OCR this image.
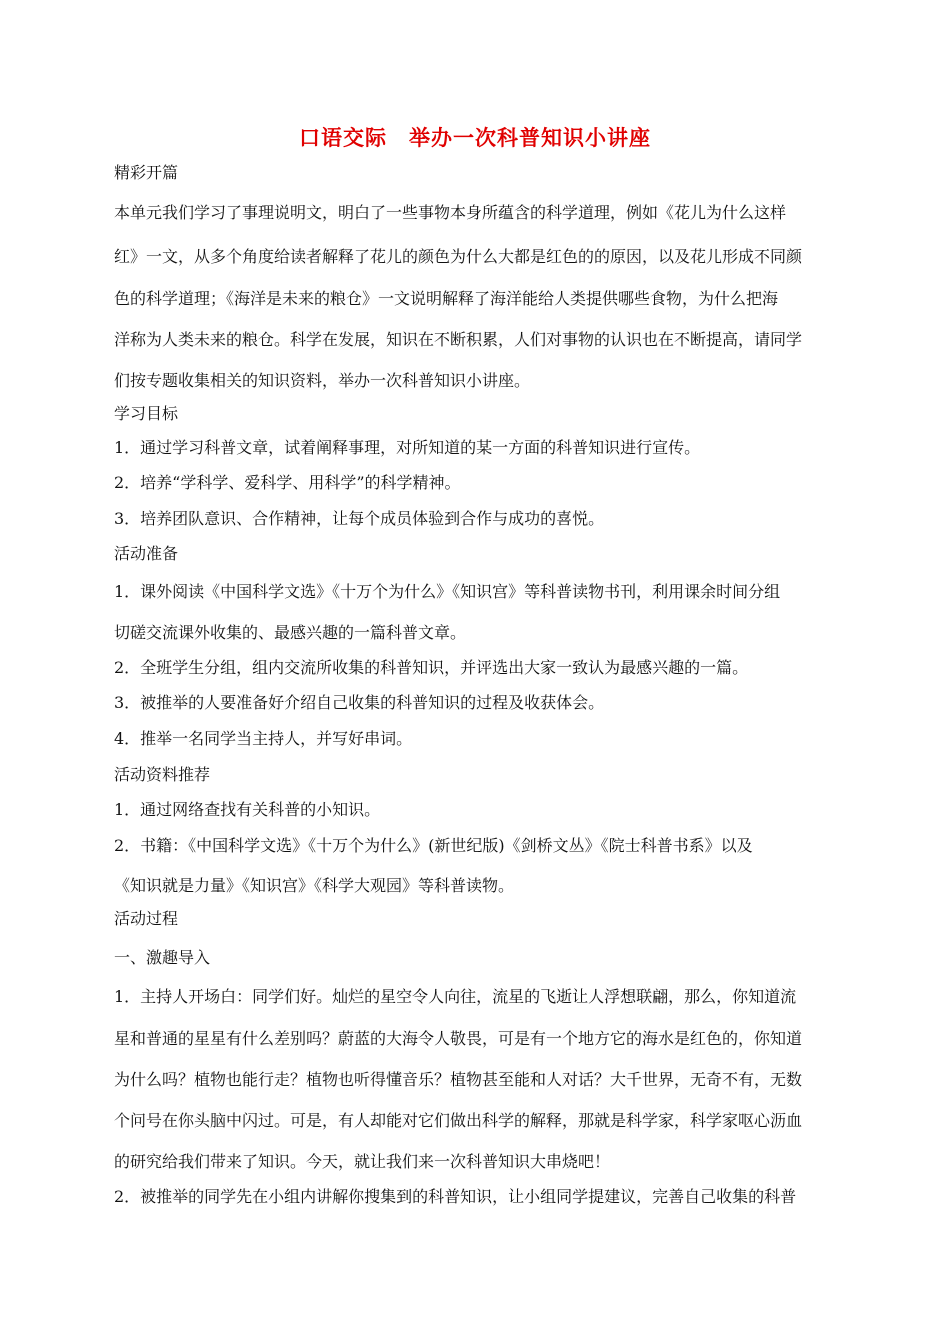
口语交际　举办一次科普知识小讲座
精彩开篇
本单元我们学习了事理说明文，明白了一些事物本身所蕴含的科学道理，例如《花儿为什么这样
红》一文，从多个角度给读者解释了花儿的颜色为什么大都是红色的的原因，以及花儿形成不同颜
色的科学道理；《海洋是未来的粮仓》一文说明解释了海洋能给人类提供哪些食物，为什么把海
洋称为人类未来的粮仓。科学在发展，知识在不断积累，人们对事物的认识也在不断提高，请同学
们按专题收集相关的知识资料，举办一次科普知识小讲座。
学习目标
1．通过学习科普文章，试着阐释事理，对所知道的某一方面的科普知识进行宣传。
2．培养“学科学、爱科学、用科学”的科学精神。
3．培养团队意识、合作精神，让每个成员体验到合作与成功的喜悦。
活动准备
1．课外阅读《中国科学文选》《十万个为什么》《知识宫》等科普读物书刊，利用课余时间分组
切磋交流课外收集的、最感兴趣的一篇科普文章。
2．全班学生分组，组内交流所收集的科普知识，并评选出大家一致认为最感兴趣的一篇。
3．被推举的人要准备好介绍自己收集的科普知识的过程及收获体会。
4．推举一名同学当主持人，并写好串词。
活动资料推荐
1．通过网络查找有关科普的小知识。
2．书籍：《中国科学文选》《十万个为什么》(新世纪版)《剑桥文丛》《院士科普书系》以及
《知识就是力量》《知识宫》《科学大观园》等科普读物。
活动过程
一、激趣导入
1．主持人开场白：同学们好。灿烂的星空令人向往，流星的飞逝让人浮想联翩，那么，你知道流
星和普通的星星有什么差别吗？蔚蓝的大海令人敬畏，可是有一个地方它的海水是红色的，你知道
为什么吗？植物也能行走？植物也听得懂音乐？植物甚至能和人对话？大千世界，无奇不有，无数
个问号在你头脑中闪过。可是，有人却能对它们做出科学的解释，那就是科学家，科学家呕心沥血
的研究给我们带来了知识。今天，就让我们来一次科普知识大串烧吧！
2．被推举的同学先在小组内讲解你搜集到的科普知识，让小组同学提建议，完善自己收集的科普
